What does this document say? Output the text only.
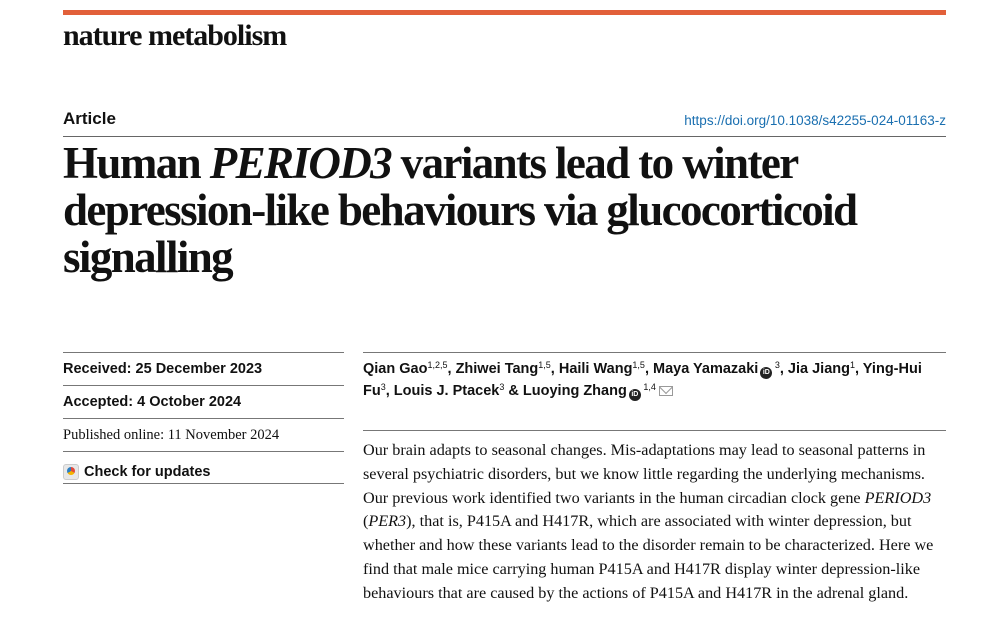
nature metabolism
Article	https://doi.org/10.1038/s42255-024-01163-z
Human PERIOD3 variants lead to winter depression-like behaviours via glucocorticoid signalling
Received: 25 December 2023
Accepted: 4 October 2024
Published online: 11 November 2024
Check for updates
Qian Gao$^{1,2,5}$, Zhiwei Tang$^{1,5}$, Haili Wang$^{1,5}$, Maya Yamazaki iD $^3$, Jia Jiang$^1$, Ying-Hui Fu$^3$, Louis J. Ptacek$^3$ & Luoying Zhang iD $^{1,4}$

Our brain adapts to seasonal changes. Mis-adaptations may lead to seasonal patterns in several psychiatric disorders, but we know little regarding the underlying mechanisms. Our previous work identified two variants in the human circadian clock gene PERIOD3 (PER3), that is, P415A and H417R, which are associated with winter depression, but whether and how these variants lead to the disorder remain to be characterized. Here we find that male mice carrying human P415A and H417R display winter depression-like behaviours that are caused by the actions of P415A and H417R in the adrenal gland.
